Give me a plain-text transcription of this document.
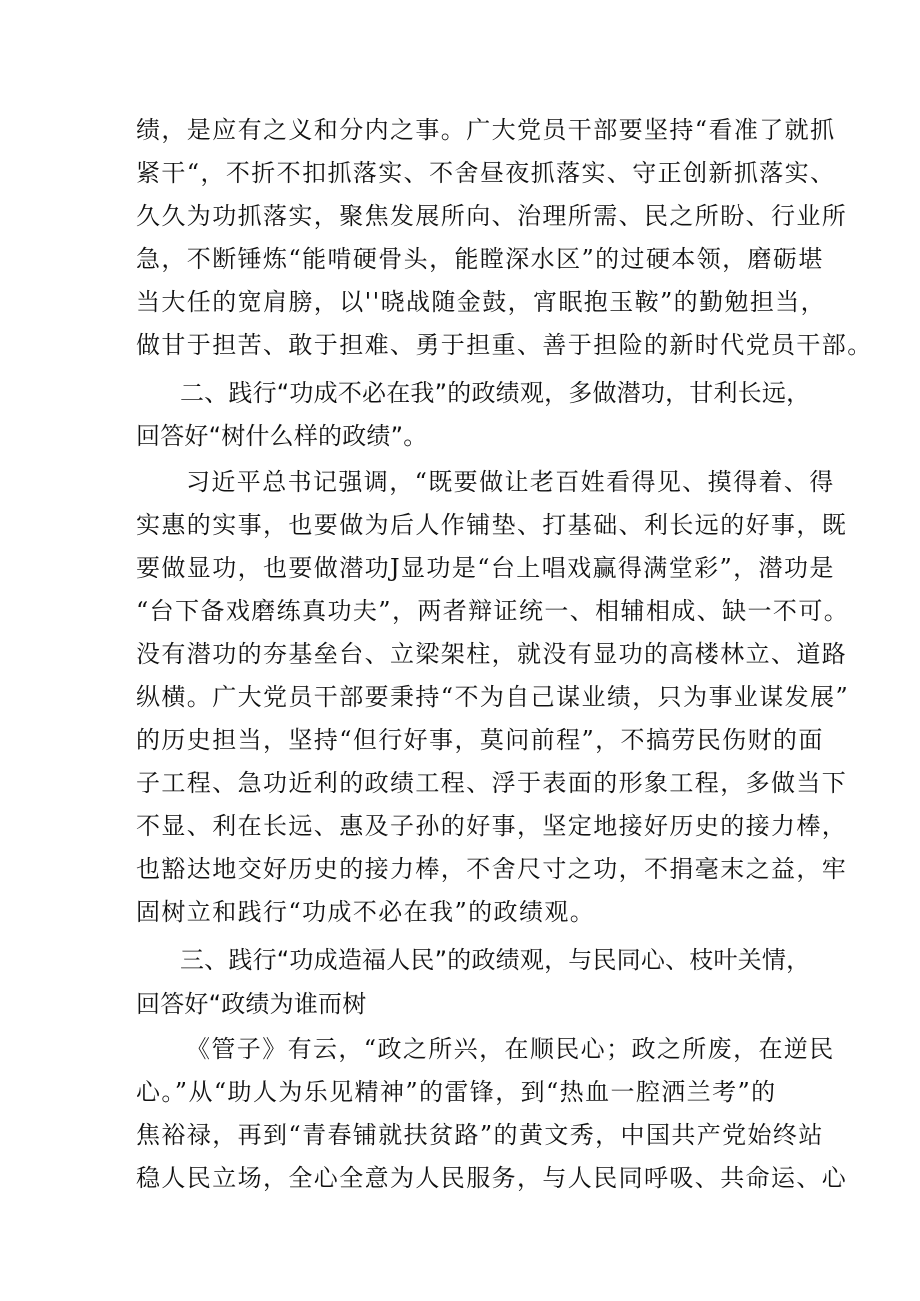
绩，是应有之义和分内之事。广大党员干部要坚持“看准了就抓
紧干“，不折不扣抓落实、不舍昼夜抓落实、守正创新抓落实、
久久为功抓落实，聚焦发展所向、治理所需、民之所盼、行业所
急，不断锤炼“能啃硬骨头，能瞠深水区”的过硬本领，磨砺堪
当大任的宽肩膀，以''晓战随金鼓，宵眠抱玉鞍”的勤勉担当，
做甘于担苦、敢于担难、勇于担重、善于担险的新时代党员干部。
二、践行“功成不必在我”的政绩观，多做潜功，甘利长远，
回答好“树什么样的政绩”。
习近平总书记强调，“既要做让老百姓看得见、摸得着、得
实惠的实事，也要做为后人作铺垫、打基础、利长远的好事，既
要做显功，也要做潜功J显功是“台上唱戏赢得满堂彩”，潜功是
“台下备戏磨练真功夫”，两者辩证统一、相辅相成、缺一不可。
没有潜功的夯基垒台、立梁架柱，就没有显功的高楼林立、道路
纵横。广大党员干部要秉持“不为自己谋业绩，只为事业谋发展”
的历史担当，坚持“但行好事，莫问前程”，不搞劳民伤财的面
子工程、急功近利的政绩工程、浮于表面的形象工程，多做当下
不显、利在长远、惠及子孙的好事，坚定地接好历史的接力棒，
也豁达地交好历史的接力棒，不舍尺寸之功，不捐毫末之益，牢
固树立和践行“功成不必在我”的政绩观。
三、践行“功成造福人民”的政绩观，与民同心、枝叶关情，
回答好“政绩为谁而树
《管子》有云，“政之所兴，在顺民心；政之所废，在逆民
心。”从“助人为乐见精神”的雷锋，到“热血一腔洒兰考”的
焦裕禄，再到“青春铺就扶贫路”的黄文秀，中国共产党始终站
稳人民立场，全心全意为人民服务，与人民同呼吸、共命运、心
